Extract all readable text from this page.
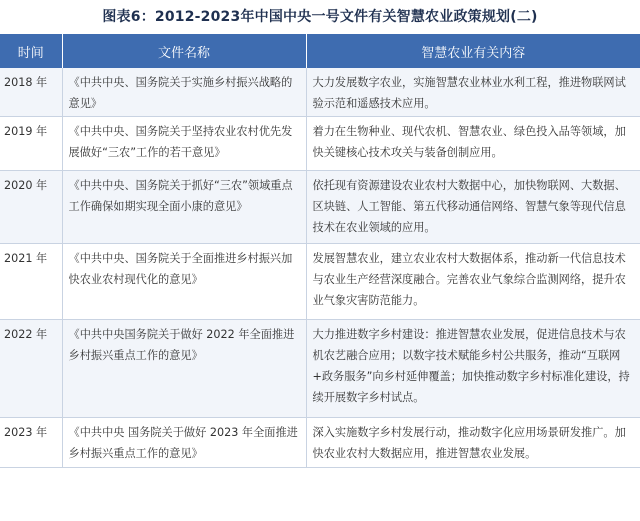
图表6：2012-2023年中国中央一号文件有关智慧农业政策规划(二)
时间	文件名称	智慧农业有关内容
2018 年	《中共中央、国务院关于实施乡村振兴战略的意见》	大力发展数字农业，实施智慧农业林业水利工程，推进物联网试验示范和遥感技术应用。
2019 年	《中共中央、国务院关于坚持农业农村优先发展做好“三农”工作的若干意见》	着力在生物种业、现代农机、智慧农业、绿色投入品等领域，加快关键核心技术攻关与装备创制应用。
2020 年	《中共中央、国务院关于抓好“三农”领域重点工作确保如期实现全面小康的意见》	依托现有资源建设农业农村大数据中心，加快物联网、大数据、区块链、人工智能、第五代移动通信网络、智慧气象等现代信息技术在农业领域的应用。
2021 年	《中共中央、国务院关于全面推进乡村振兴加快农业农村现代化的意见》	发展智慧农业，建立农业农村大数据体系，推动新一代信息技术与农业生产经营深度融合。完善农业气象综合监测网络，提升农业气象灾害防范能力。
2022 年	《中共中央国务院关于做好 2022 年全面推进乡村振兴重点工作的意见》	大力推进数字乡村建设：推进智慧农业发展，促进信息技术与农机农艺融合应用；以数字技术赋能乡村公共服务，推动“互联网+政务服务”向乡村延伸覆盖；加快推动数字乡村标准化建设，持续开展数字乡村试点。
2023 年	《中共中央 国务院关于做好 2023 年全面推进乡村振兴重点工作的意见》	深入实施数字乡村发展行动，推动数字化应用场景研发推广。加快农业农村大数据应用，推进智慧农业发展。
